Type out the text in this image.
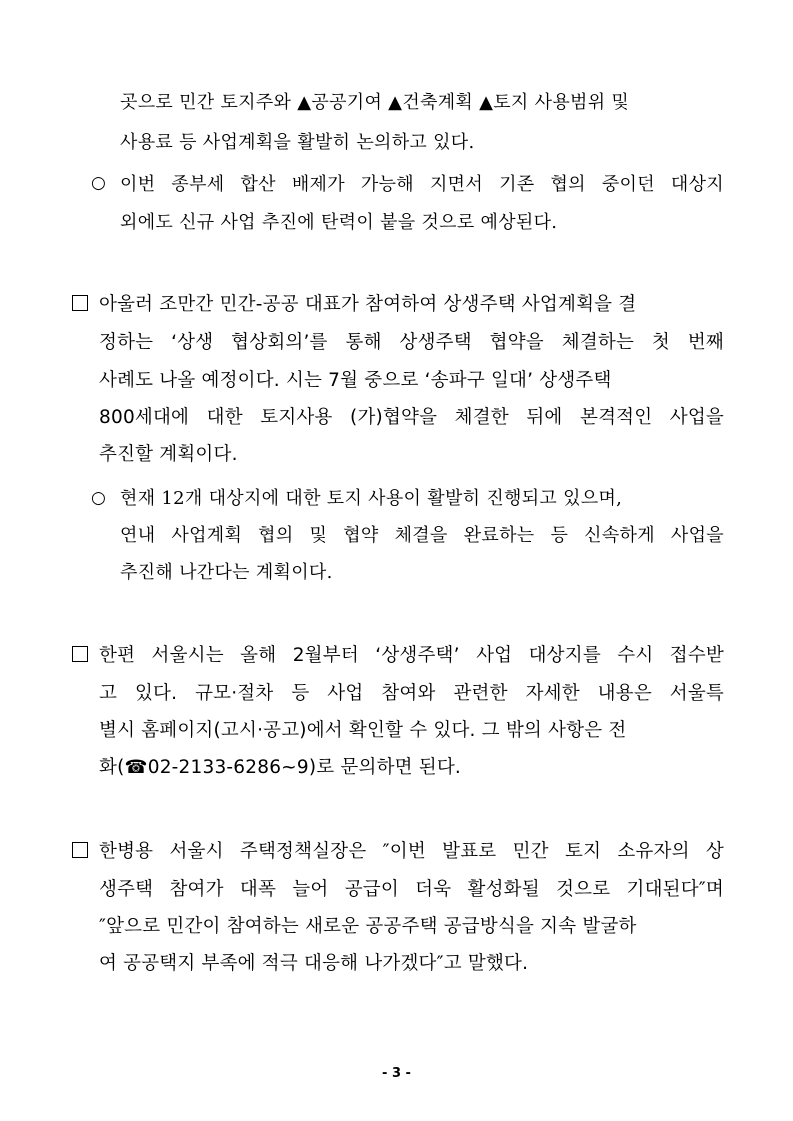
곳으로 민간 토지주와 ▲공공기여 ▲건축계획 ▲토지 사용범위 및
사용료 등 사업계획을 활발히 논의하고 있다.
○ 이번 종부세 합산 배제가 가능해 지면서 기존 협의 중이던 대상지
외에도 신규 사업 추진에 탄력이 붙을 것으로 예상된다.
아울러 조만간 민간-공공 대표가 참여하여 상생주택 사업계획을 결
정하는 ‘상생 협상회의’를 통해 상생주택 협약을 체결하는 첫 번째
사례도 나올 예정이다. 시는 7월 중으로 ‘송파구 일대’ 상생주택
800세대에 대한 토지사용 (가)협약을 체결한 뒤에 본격적인 사업을
추진할 계획이다.
○ 현재 12개 대상지에 대한 토지 사용이 활발히 진행되고 있으며,
연내 사업계획 협의 및 협약 체결을 완료하는 등 신속하게 사업을
추진해 나간다는 계획이다.
한편 서울시는 올해 2월부터 ‘상생주택’ 사업 대상지를 수시 접수받
고 있다. 규모·절차 등 사업 참여와 관련한 자세한 내용은 서울특
별시 홈페이지(고시·공고)에서 확인할 수 있다. 그 밖의 사항은 전
화(☎02-2133-6286~9)로 문의하면 된다.
한병용 서울시 주택정책실장은 ″이번 발표로 민간 토지 소유자의 상
생주택 참여가 대폭 늘어 공급이 더욱 활성화될 것으로 기대된다″며
″앞으로 민간이 참여하는 새로운 공공주택 공급방식을 지속 발굴하
여 공공택지 부족에 적극 대응해 나가겠다″고 말했다.
- 3 -
